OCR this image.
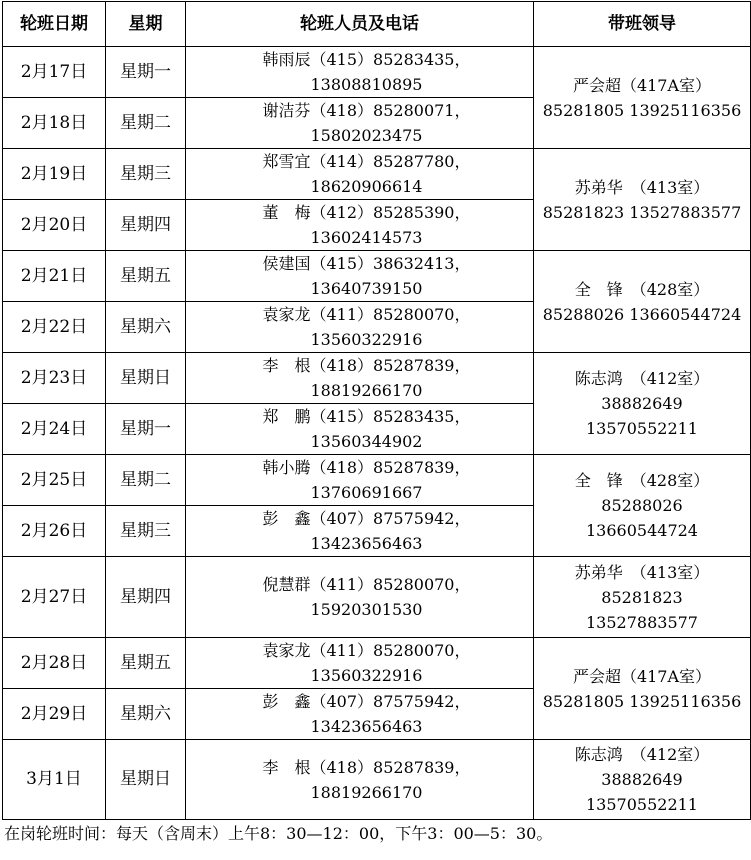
轮班日期	星期	轮班人员及电话	带班领导
2月17日	星期一	韩雨辰（415）85283435，
13808810895	严会超（417A室）
85281805 13925116356

2月18日	星期二	谢洁芬（418）85280071，
15802023475	

2月19日	星期三	郑雪宜（414）85287780，
18620906614	苏弟华　（413室）
85281823 13527883577

2月20日	星期四	董　梅（412）85285390，
13602414573	

2月21日	星期五	侯建国（415）38632413，
13640739150	全　锋　（428室）
85288026 13660544724

2月22日	星期六	袁家龙（411）85280070，
13560322916	

2月23日	星期日	李　根（418）85287839，
18819266170	陈志鸿　（412室）
38882649
13570552211

2月24日	星期一	郑　鹏（415）85283435，
13560344902	

2月25日	星期二	韩小腾（418）85287839，
13760691667	全　锋　（428室）
85288026
13660544724

2月26日	星期三	彭　鑫（407）87575942，
13423656463	

2月27日	星期四	倪慧群（411）85280070，
15920301530	苏弟华　（413室）
85281823
13527883577

2月28日	星期五	袁家龙（411）85280070，
13560322916	严会超（417A室）
85281805 13925116356

2月29日	星期六	彭　鑫（407）87575942，
13423656463	

3月1日	星期日	李　根（418）85287839，
18819266170	陈志鸿　（412室）
38882649
13570552211
在岗轮班时间：每天（含周末）上午8：30—12：00，下午3：00—5：30。
